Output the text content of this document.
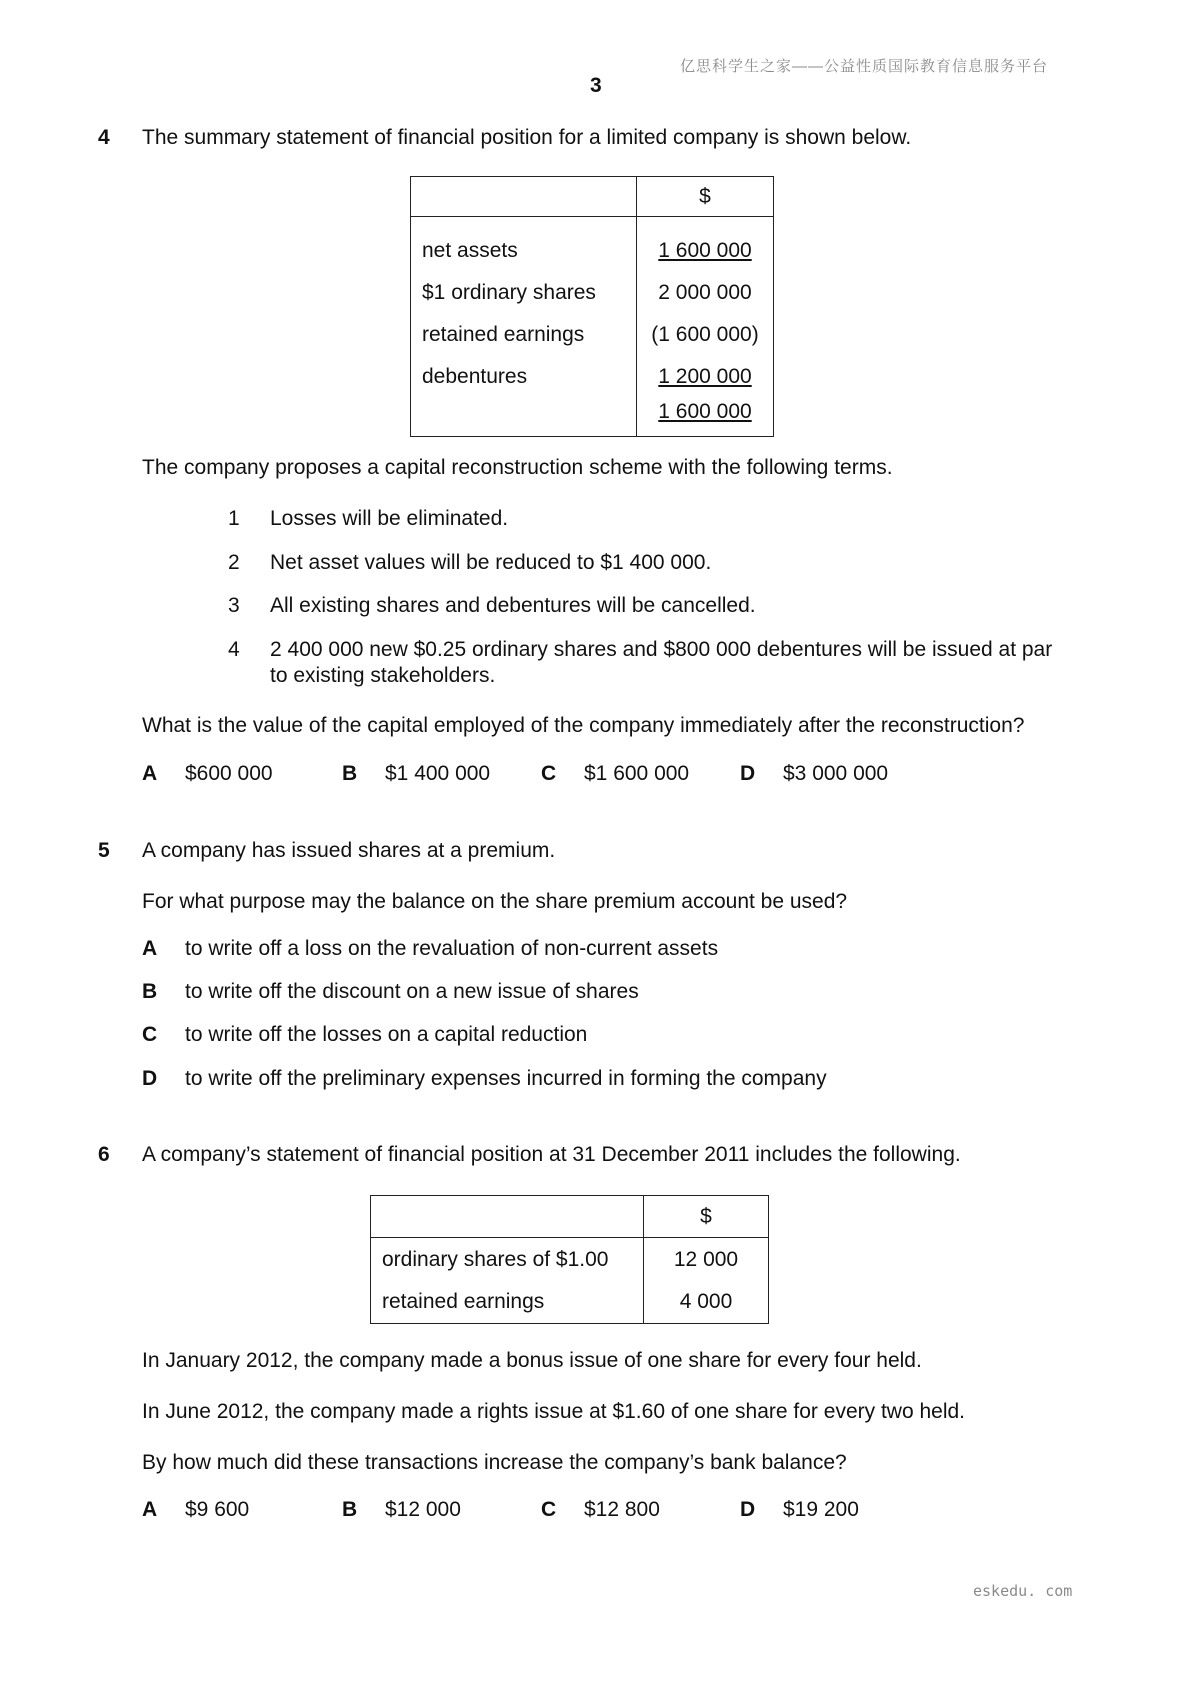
亿思科学生之家——公益性质国际教育信息服务平台
3
4 The summary statement of financial position for a limited company is shown below.
	$
net assets	1 600 000
$1 ordinary shares	2 000 000
retained earnings	(1 600 000)
debentures	1 200 000
	1 600 000
The company proposes a capital reconstruction scheme with the following terms.
1 Losses will be eliminated.
2 Net asset values will be reduced to $1 400 000.
3 All existing shares and debentures will be cancelled.
4 2 400 000 new $0.25 ordinary shares and $800 000 debentures will be issued at par
to existing stakeholders.
What is the value of the capital employed of the company immediately after the reconstruction?
A $600 000	B $1 400 000 C $1 600 000 D $3 000 000
5 A company has issued shares at a premium.
For what purpose may the balance on the share premium account be used?
A to write off a loss on the revaluation of non-current assets
B to write off the discount on a new issue of shares
C to write off the losses on a capital reduction
D to write off the preliminary expenses incurred in forming the company
6 A company’s statement of financial position at 31 December 2011 includes the following.
	$
ordinary shares of $1.00	12 000
retained earnings	4 000
In January 2012, the company made a bonus issue of one share for every four held.
In June 2012, the company made a rights issue at $1.60 of one share for every two held.
By how much did these transactions increase the company’s bank balance?
A $9 600	B $12 000	C $12 800	D $19 200
eskedu. com
